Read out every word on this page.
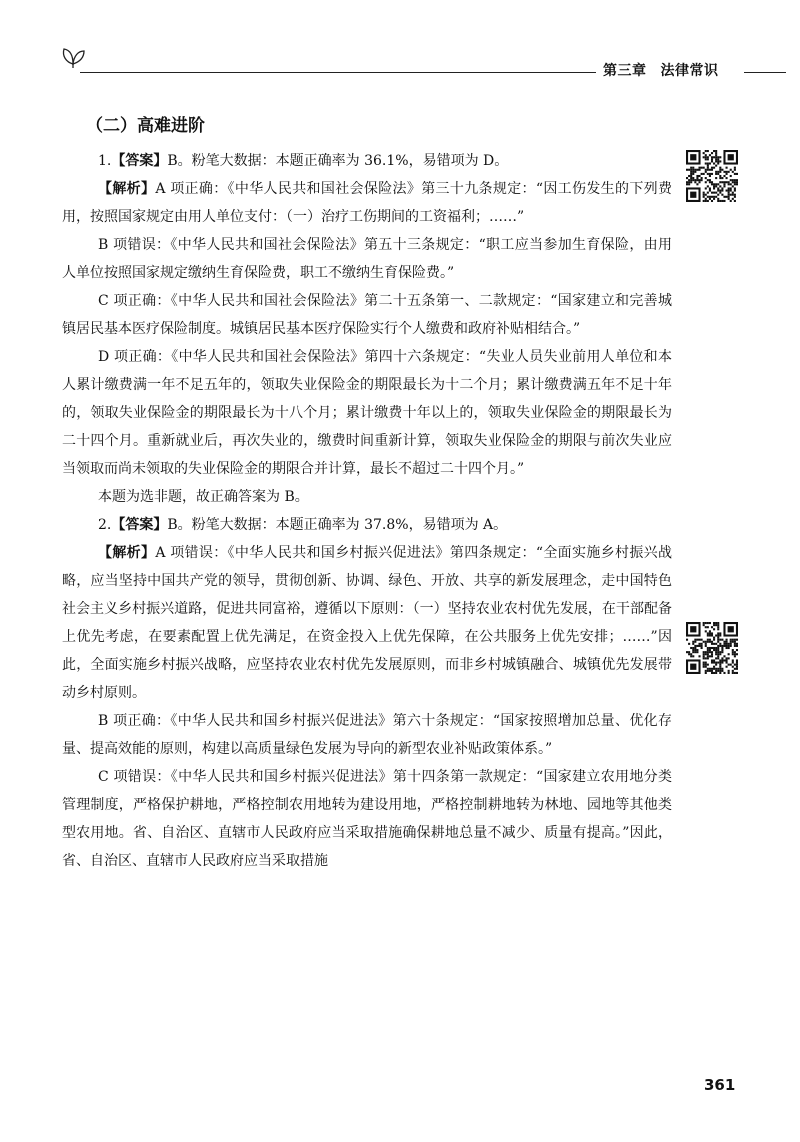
第三章 法律常识
（二）高难进阶

1.【答案】B。粉笔大数据：本题正确率为 36.1%，易错项为 D。

【解析】A 项正确：《中华人民共和国社会保险法》第三十九条规定：“因工伤发生的下列费用，按照国家规定由用人单位支付：（一）治疗工伤期间的工资福利；……”

B 项错误：《中华人民共和国社会保险法》第五十三条规定：“职工应当参加生育保险，由用人单位按照国家规定缴纳生育保险费，职工不缴纳生育保险费。”

C 项正确：《中华人民共和国社会保险法》第二十五条第一、二款规定：“国家建立和完善城镇居民基本医疗保险制度。城镇居民基本医疗保险实行个人缴费和政府补贴相结合。”

D 项正确：《中华人民共和国社会保险法》第四十六条规定：“失业人员失业前用人单位和本人累计缴费满一年不足五年的，领取失业保险金的期限最长为十二个月；累计缴费满五年不足十年的，领取失业保险金的期限最长为十八个月；累计缴费十年以上的，领取失业保险金的期限最长为二十四个月。重新就业后，再次失业的，缴费时间重新计算，领取失业保险金的期限与前次失业应当领取而尚未领取的失业保险金的期限合并计算，最长不超过二十四个月。”

本题为选非题，故正确答案为 B。

2.【答案】B。粉笔大数据：本题正确率为 37.8%，易错项为 A。

【解析】A 项错误：《中华人民共和国乡村振兴促进法》第四条规定：“全面实施乡村振兴战略，应当坚持中国共产党的领导，贯彻创新、协调、绿色、开放、共享的新发展理念，走中国特色社会主义乡村振兴道路，促进共同富裕，遵循以下原则：（一）坚持农业农村优先发展，在干部配备上优先考虑，在要素配置上优先满足，在资金投入上优先保障，在公共服务上优先安排；……”因此，全面实施乡村振兴战略，应坚持农业农村优先发展原则，而非乡村城镇融合、城镇优先发展带动乡村原则。

B 项正确：《中华人民共和国乡村振兴促进法》第六十条规定：“国家按照增加总量、优化存量、提高效能的原则，构建以高质量绿色发展为导向的新型农业补贴政策体系。”

C 项错误：《中华人民共和国乡村振兴促进法》第十四条第一款规定：“国家建立农用地分类管理制度，严格保护耕地，严格控制农用地转为建设用地，严格控制耕地转为林地、园地等其他类型农用地。省、自治区、直辖市人民政府应当采取措施确保耕地总量不减少、质量有提高。”因此，省、自治区、直辖市人民政府应当采取措施

361
